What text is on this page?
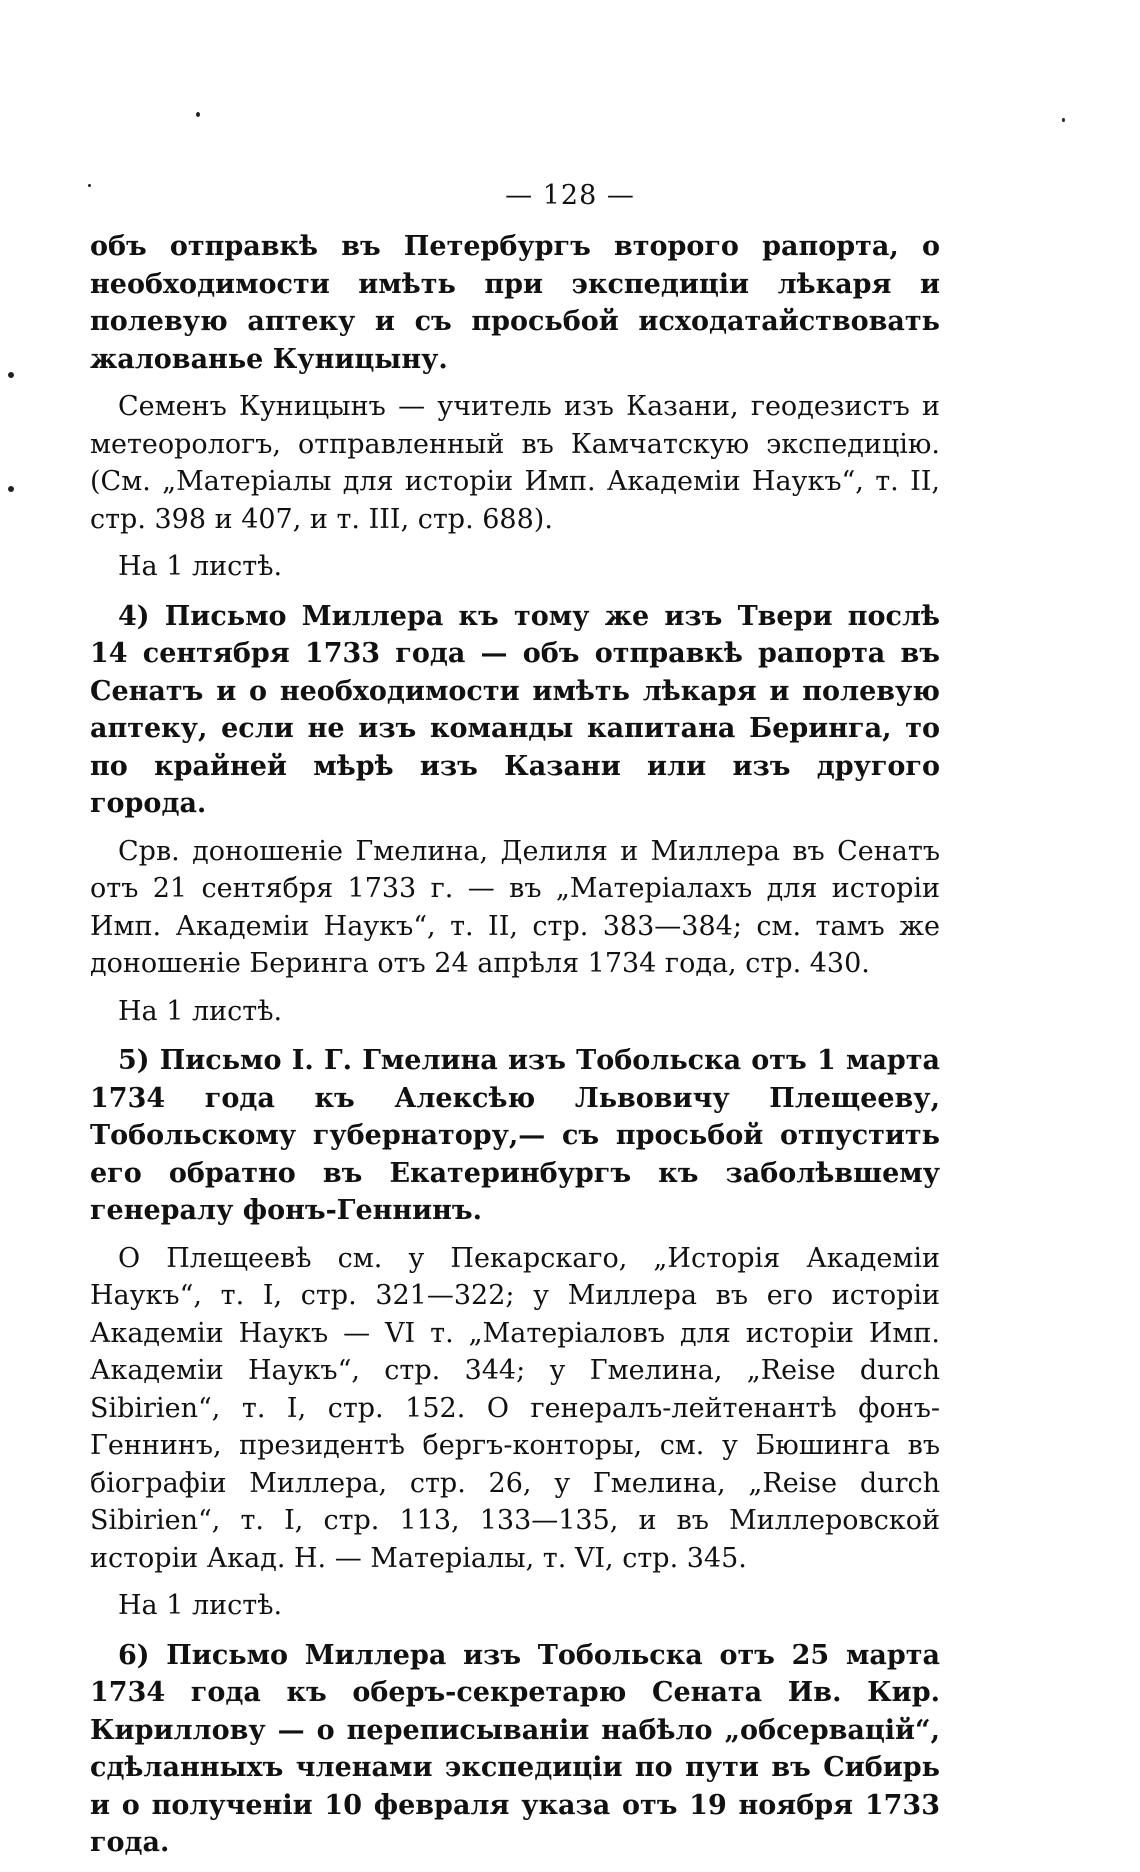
— 128 —

объ отправкѣ въ Петербургъ второго рапорта, о необходимости имѣть при экспедиціи лѣкаря и полевую аптеку и съ просьбой исходатайствовать жалованье Куницыну.

Семенъ Куницынъ — учитель изъ Казани, геодезистъ и метеорологъ, отправленный въ Камчатскую экспедицію. (См. „Матеріалы для исторіи Имп. Академіи Наукъ“, т. II, стр. 398 и 407, и т. III, стр. 688).

На 1 листѣ.

4) Письмо Миллера къ тому же изъ Твери послѣ 14 сентября 1733 года — объ отправкѣ рапорта въ Сенатъ и о необходимости имѣть лѣкаря и полевую аптеку, если не изъ команды капитана Беринга, то по крайней мѣрѣ изъ Казани или изъ другого города.

Срв. доношеніе Гмелина, Делиля и Миллера въ Сенатъ отъ 21 сентября 1733 г. — въ „Матеріалахъ для исторіи Имп. Академіи Наукъ“, т. II, стр. 383—384; см. тамъ же доношеніе Беринга отъ 24 апрѣля 1734 года, стр. 430.

На 1 листѣ.

5) Письмо І. Г. Гмелина изъ Тобольска отъ 1 марта 1734 года къ Алексѣю Львовичу Плещееву, Тобольскому губернатору,— съ просьбой отпустить его обратно въ Екатеринбургъ къ заболѣвшему генералу фонъ-Геннинъ.

О Плещеевѣ см. у Пекарскаго, „Исторія Академіи Наукъ“, т. I, стр. 321—322; у Миллера въ его исторіи Академіи Наукъ — VI т. „Матеріаловъ для исторіи Имп. Академіи Наукъ“, стр. 344; у Гмелина, „Reise durch Sibirien“, т. I, стр. 152. О генералъ-лейтенантѣ фонъ-Геннинъ, президентѣ бергъ-конторы, см. у Бюшинга въ біографіи Миллера, стр. 26, у Гмелина, „Reise durch Sibirien“, т. I, стр. 113, 133—135, и въ Миллеровской исторіи Акад. Н. — Матеріалы, т. VI, стр. 345.

На 1 листѣ.

6) Письмо Миллера изъ Тобольска отъ 25 марта 1734 года къ оберъ-секретарю Сената Ив. Кир. Кириллову — о переписываніи набѣло „обсервацій“, сдѣланныхъ членами экспедиціи по пути въ Сибирь и о полученіи 10 февраля указа отъ 19 ноября 1733 года.
